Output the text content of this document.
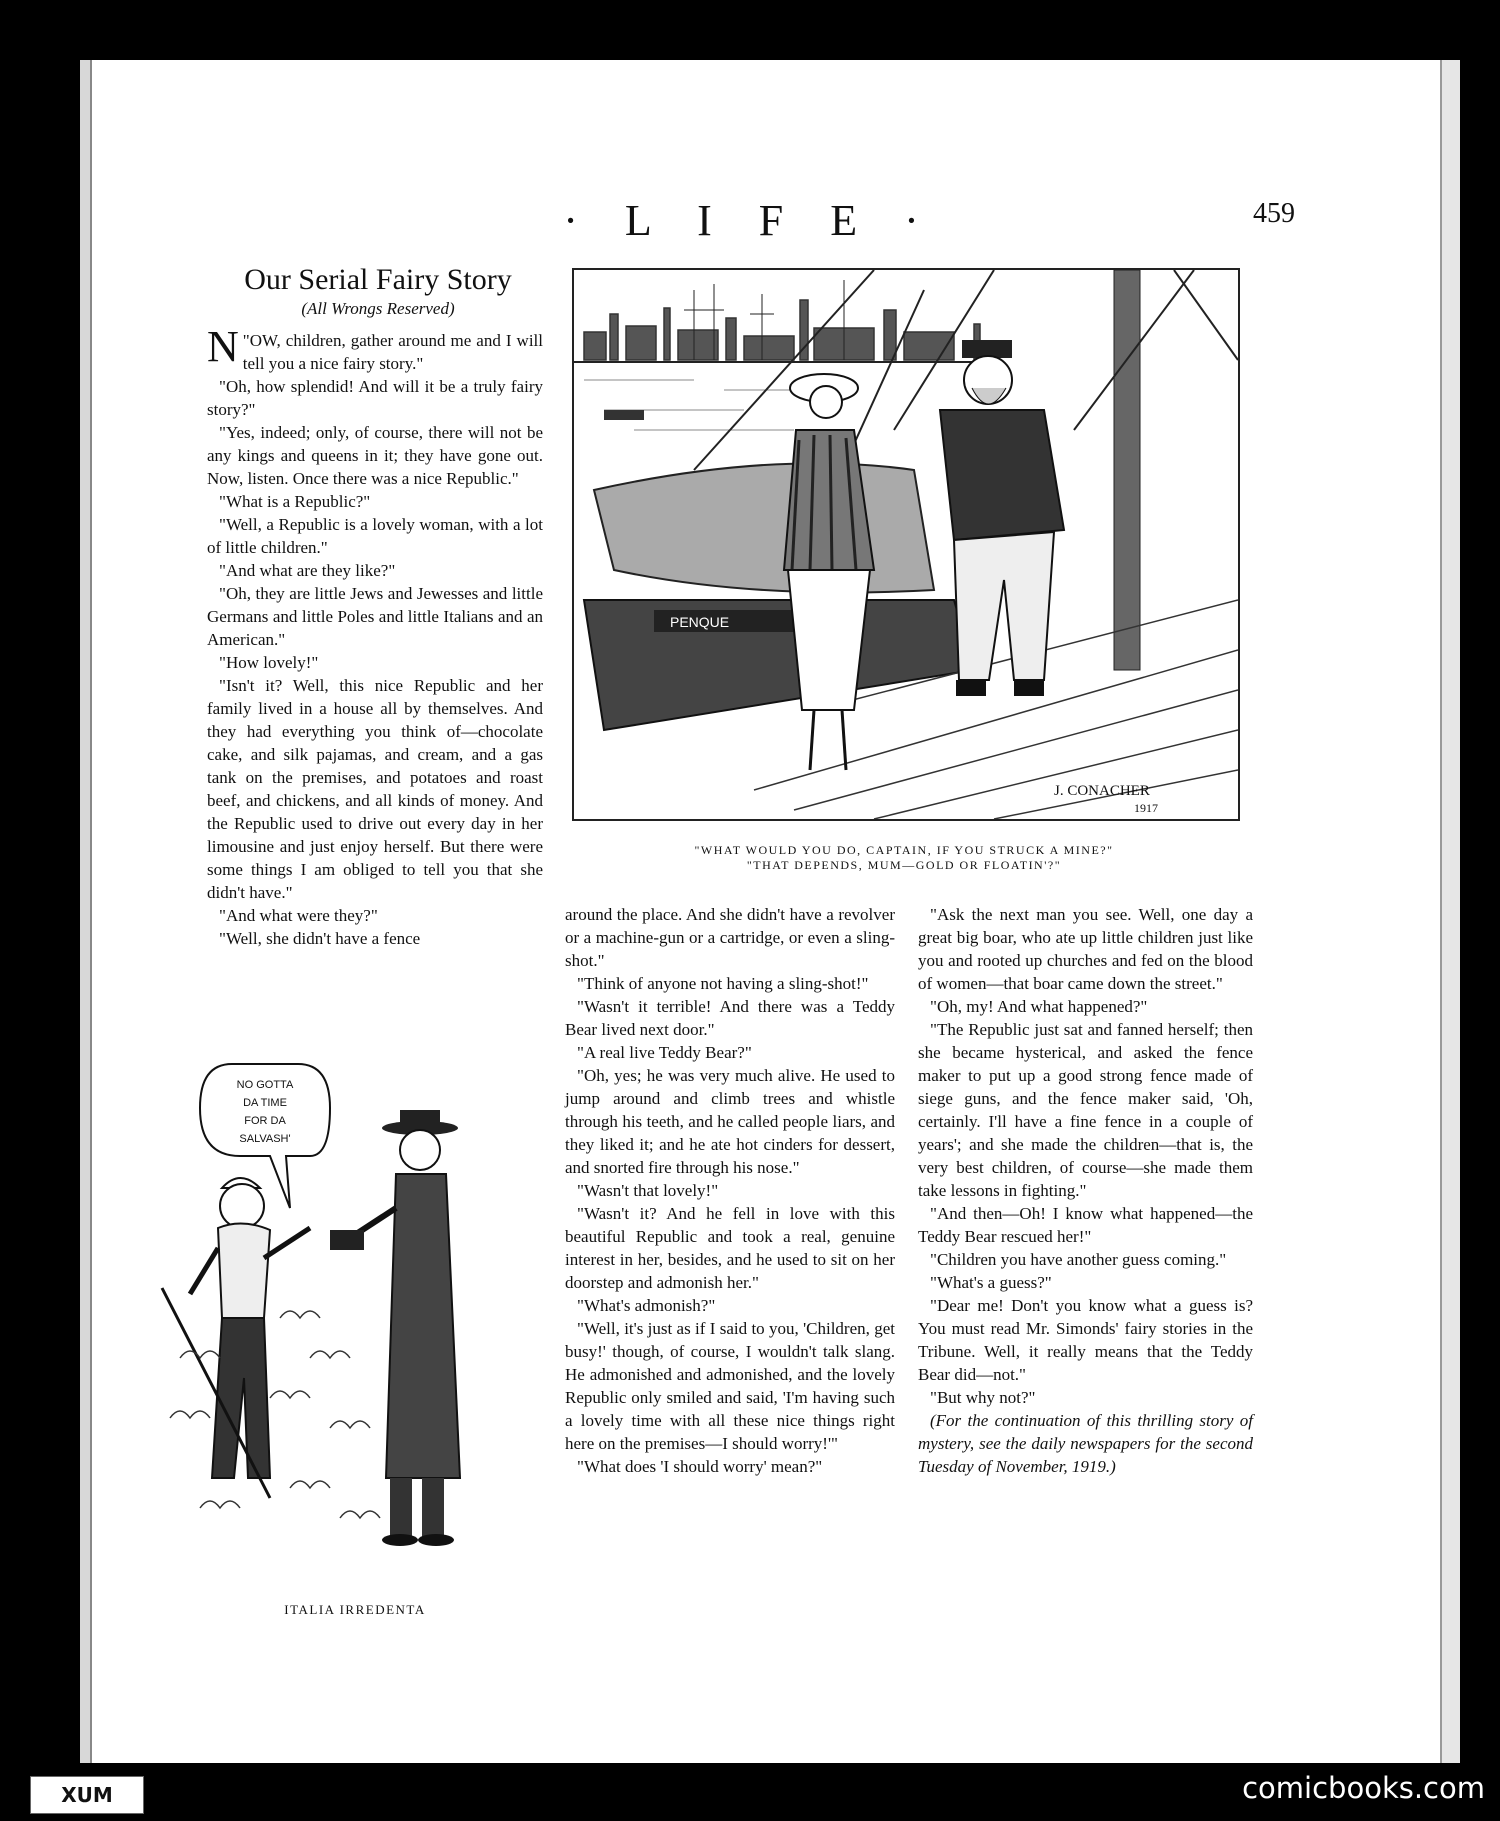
· L I F E ·	459
Our Serial Fairy Story
(All Wrongs Reserved)

"
N OW, children, gather around me and I will tell you a nice fairy story."

"Oh, how splendid! And will it be a truly fairy story?"

"Yes, indeed; only, of course, there will not be any kings and queens in it; they have gone out. Now, listen. Once there was a nice Republic."

"What is a Republic?"

"Well, a Republic is a lovely woman, with a lot of little children."

"And what are they like?"

"Oh, they are little Jews and Jewesses and little Germans and little Poles and little Italians and an American."

"How lovely!"

"Isn't it? Well, this nice Republic and her family lived in a house all by themselves. And they had everything you think of—chocolate cake, and silk pajamas, and cream, and a gas tank on the premises, and potatoes and roast beef, and chickens, and all kinds of money. And the Republic used to drive out every day in her limousine and just enjoy herself. But there were some things I am obliged to tell you that she didn't have."

"And what were they?"

"Well, she didn't have a fence

around the place. And she didn't have a revolver or a machine-gun or a cartridge, or even a sling-shot."

"Think of anyone not having a sling-shot!"

"Wasn't it terrible! And there was a Teddy Bear lived next door."

"A real live Teddy Bear?"

"Oh, yes; he was very much alive. He used to jump around and climb trees and whistle through his teeth, and he called people liars, and they liked it; and he ate hot cinders for dessert, and snorted fire through his nose."

"Wasn't that lovely!"

"Wasn't it? And he fell in love with this beautiful Republic and took a real, genuine interest in her, besides, and he used to sit on her doorstep and admonish her."

"What's admonish?"

"Well, it's just as if I said to you, 'Children, get busy!' though, of course, I wouldn't talk slang. He admonished and admonished, and the lovely Republic only smiled and said, 'I'm having such a lovely time with all these nice things right here on the premises—I should worry!'"

"What does 'I should worry' mean?"

"Ask the next man you see. Well, one day a great big boar, who ate up little children just like you and rooted up churches and fed on the blood of women—that boar came down the street."

"Oh, my! And what happened?"

"The Republic just sat and fanned herself; then she became hysterical, and asked the fence maker to put up a good strong fence made of siege guns, and the fence maker said, 'Oh, certainly. I'll have a fine fence in a couple of years'; and she made the children—that is, the very best children, of course—she made them take lessons in fighting."

"And then—Oh! I know what happened—the Teddy Bear rescued her!"

"Children you have another guess coming."

"What's a guess?"

"Dear me! Don't you know what a guess is? You must read Mr. Simonds' fairy stories in the Tribune. Well, it really means that the Teddy Bear did—not."

"But why not?"

(For the continuation of this thrilling story of mystery, see the daily newspapers for the second Tuesday of November, 1919.)

PENQUE
J. CONACHER
1917
"WHAT WOULD YOU DO, CAPTAIN, IF YOU STRUCK A MINE?"
"THAT DEPENDS, MUM—GOLD OR FLOATIN'?"
NO GOTTA
DA TIME
FOR DA
SALVASH'
ITALIA IRREDENTA
XUM	comicbooks.com
